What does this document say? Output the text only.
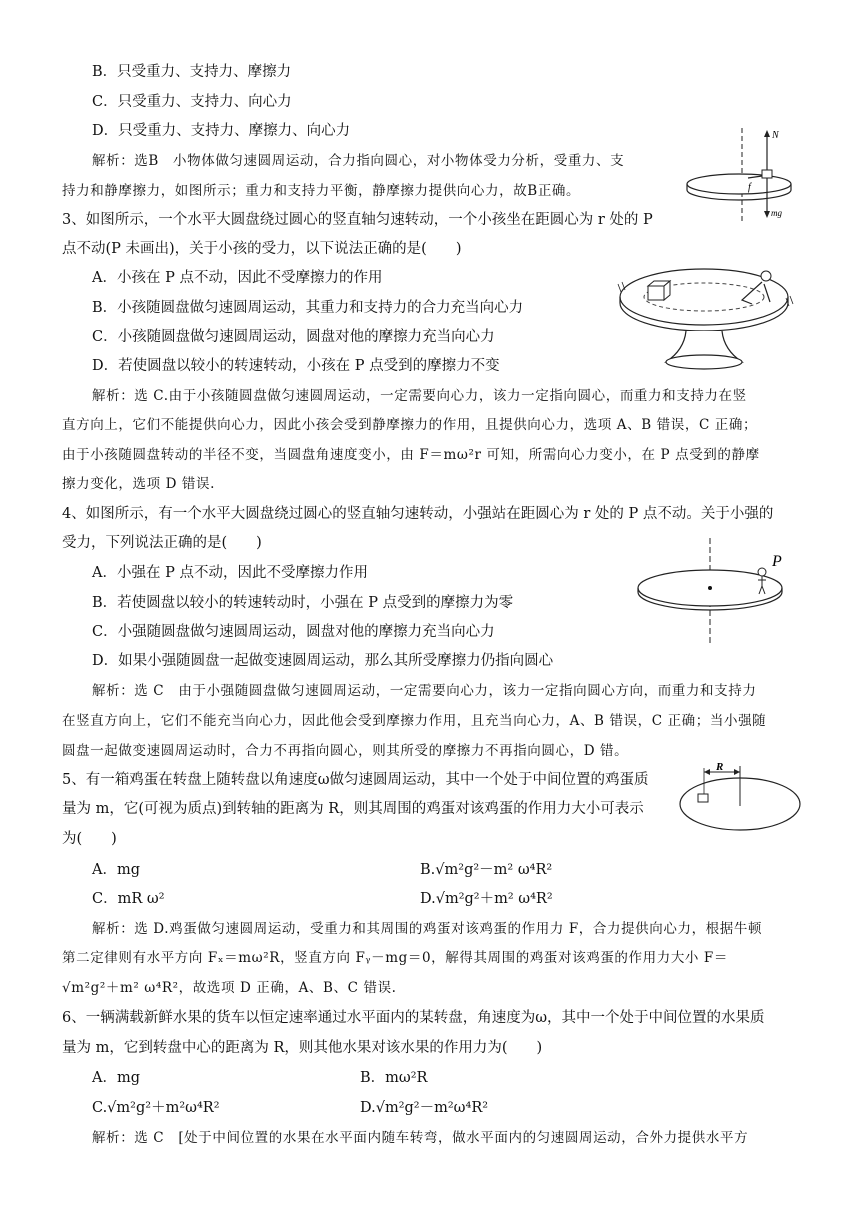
B．只受重力、支持力、摩擦力
C．只受重力、支持力、向心力
D．只受重力、支持力、摩擦力、向心力
解析：选B　小物体做匀速圆周运动，合力指向圆心，对小物体受力分析，受重力、支
持力和静摩擦力，如图所示；重力和支持力平衡，静摩擦力提供向心力，故B正确。
N
f
mg
3、如图所示，一个水平大圆盘绕过圆心的竖直轴匀速转动，一个小孩坐在距圆心为 r 处的 P
点不动(P 未画出)，关于小孩的受力，以下说法正确的是(　　)
A．小孩在 P 点不动，因此不受摩擦力的作用
B．小孩随圆盘做匀速圆周运动，其重力和支持力的合力充当向心力
C．小孩随圆盘做匀速圆周运动，圆盘对他的摩擦力充当向心力
D．若使圆盘以较小的转速转动，小孩在 P 点受到的摩擦力不变
解析：选 C.由于小孩随圆盘做匀速圆周运动，一定需要向心力，该力一定指向圆心，而重力和支持力在竖
直方向上，它们不能提供向心力，因此小孩会受到静摩擦力的作用，且提供向心力，选项 A、B 错误，C 正确；
由于小孩随圆盘转动的半径不变，当圆盘角速度变小，由 F＝mω²r 可知，所需向心力变小，在 P 点受到的静摩
擦力变化，选项 D 错误.
4、如图所示，有一个水平大圆盘绕过圆心的竖直轴匀速转动，小强站在距圆心为 r 处的 P 点不动。关于小强的
受力，下列说法正确的是(　　)
A．小强在 P 点不动，因此不受摩擦力作用
B．若使圆盘以较小的转速转动时，小强在 P 点受到的摩擦力为零
C．小强随圆盘做匀速圆周运动，圆盘对他的摩擦力充当向心力
D．如果小强随圆盘一起做变速圆周运动，那么其所受摩擦力仍指向圆心
P
解析：选 C　由于小强随圆盘做匀速圆周运动，一定需要向心力，该力一定指向圆心方向，而重力和支持力
在竖直方向上，它们不能充当向心力，因此他会受到摩擦力作用，且充当向心力，A、B 错误，C 正确；当小强随
圆盘一起做变速圆周运动时，合力不再指向圆心，则其所受的摩擦力不再指向圆心，D 错。
5、有一箱鸡蛋在转盘上随转盘以角速度ω做匀速圆周运动，其中一个处于中间位置的鸡蛋质
量为 m，它(可视为质点)到转轴的距离为 R，则其周围的鸡蛋对该鸡蛋的作用力大小可表示
为(　　)
R
A．mg	B.√m²g²－m² ω⁴R²
C．mR ω²	D.√m²g²＋m² ω⁴R²
解析：选 D.鸡蛋做匀速圆周运动，受重力和其周围的鸡蛋对该鸡蛋的作用力 F，合力提供向心力，根据牛顿
第二定律则有水平方向 Fₓ＝mω²R，竖直方向 Fᵧ－mg＝0，解得其周围的鸡蛋对该鸡蛋的作用力大小 F＝
√m²g²＋m² ω⁴R²，故选项 D 正确，A、B、C 错误.
6、一辆满载新鲜水果的货车以恒定速率通过水平面内的某转盘，角速度为ω，其中一个处于中间位置的水果质
量为 m，它到转盘中心的距离为 R，则其他水果对该水果的作用力为(　　)
A．mg	B．mω²R
C.√m²g²＋m²ω⁴R²	D.√m²g²－m²ω⁴R²
解析：选 C　[处于中间位置的水果在水平面内随车转弯，做水平面内的匀速圆周运动，合外力提供水平方
